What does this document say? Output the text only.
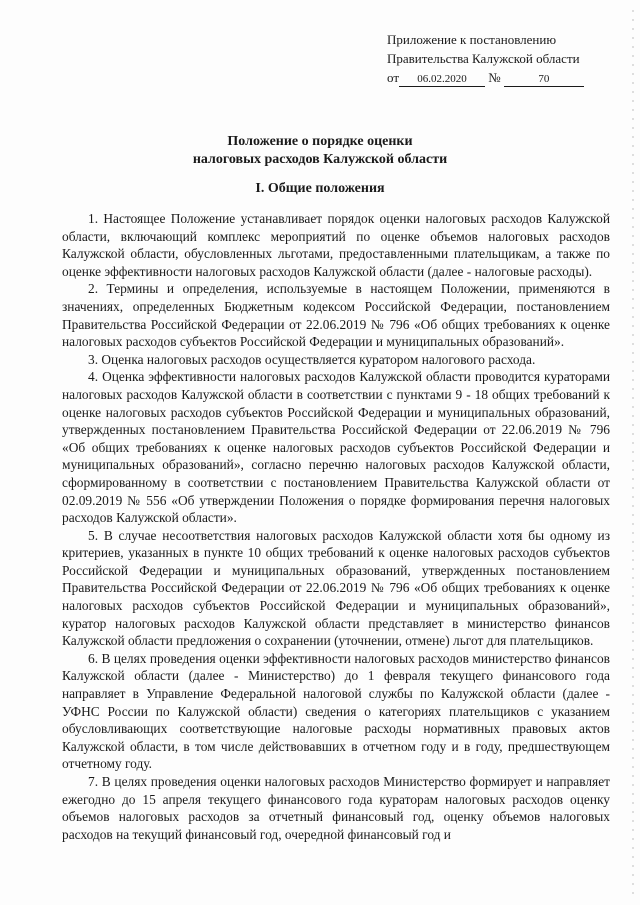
Приложение к постановлению
Правительства Калужской области
от 06.02.2020 №	70
Положение о порядке оценки
налоговых расходов Калужской области
I. Общие положения

1. Настоящее Положение устанавливает порядок оценки налоговых расходов Калужской области, включающий комплекс мероприятий по оценке объемов налоговых расходов Калужской области, обусловленных льготами, предоставленными плательщикам, а также по оценке эффективности налоговых расходов Калужской области (далее - налоговые расходы).

2. Термины и определения, используемые в настоящем Положении, применяются в значениях, определенных Бюджетным кодексом Российской Федерации, постановлением Правительства Российской Федерации от 22.06.2019 № 796 «Об общих требованиях к оценке налоговых расходов субъектов Российской Федерации и муниципальных образований».

3. Оценка налоговых расходов осуществляется куратором налогового расхода.

4. Оценка эффективности налоговых расходов Калужской области проводится кураторами налоговых расходов Калужской области в соответствии с пунктами 9 - 18 общих требований к оценке налоговых расходов субъектов Российской Федерации и муниципальных образований, утвержденных постановлением Правительства Российской Федерации от 22.06.2019 № 796 «Об общих требованиях к оценке налоговых расходов субъектов Российской Федерации и муниципальных образований», согласно перечню налоговых расходов Калужской области, сформированному в соответствии с постановлением Правительства Калужской области от 02.09.2019 № 556 «Об утверждении Положения о порядке формирования перечня налоговых расходов Калужской области».

5. В случае несоответствия налоговых расходов Калужской области хотя бы одному из критериев, указанных в пункте 10 общих требований к оценке налоговых расходов субъектов Российской Федерации и муниципальных образований, утвержденных постановлением Правительства Российской Федерации от 22.06.2019 № 796 «Об общих требованиях к оценке налоговых расходов субъектов Российской Федерации и муниципальных образований», куратор налоговых расходов Калужской области представляет в министерство финансов Калужской области предложения о сохранении (уточнении, отмене) льгот для плательщиков.

6. В целях проведения оценки эффективности налоговых расходов министерство финансов Калужской области (далее - Министерство) до 1 февраля текущего финансового года направляет в Управление Федеральной налоговой службы по Калужской области (далее - УФНС России по Калужской области) сведения о категориях плательщиков с указанием обусловливающих соответствующие налоговые расходы нормативных правовых актов Калужской области, в том числе действовавших в отчетном году и в году, предшествующем отчетному году.

7. В целях проведения оценки налоговых расходов Министерство формирует и направляет ежегодно до 15 апреля текущего финансового года кураторам налоговых расходов оценку объемов налоговых расходов за отчетный финансовый год, оценку объемов налоговых расходов на текущий финансовый год, очередной финансовый год и
